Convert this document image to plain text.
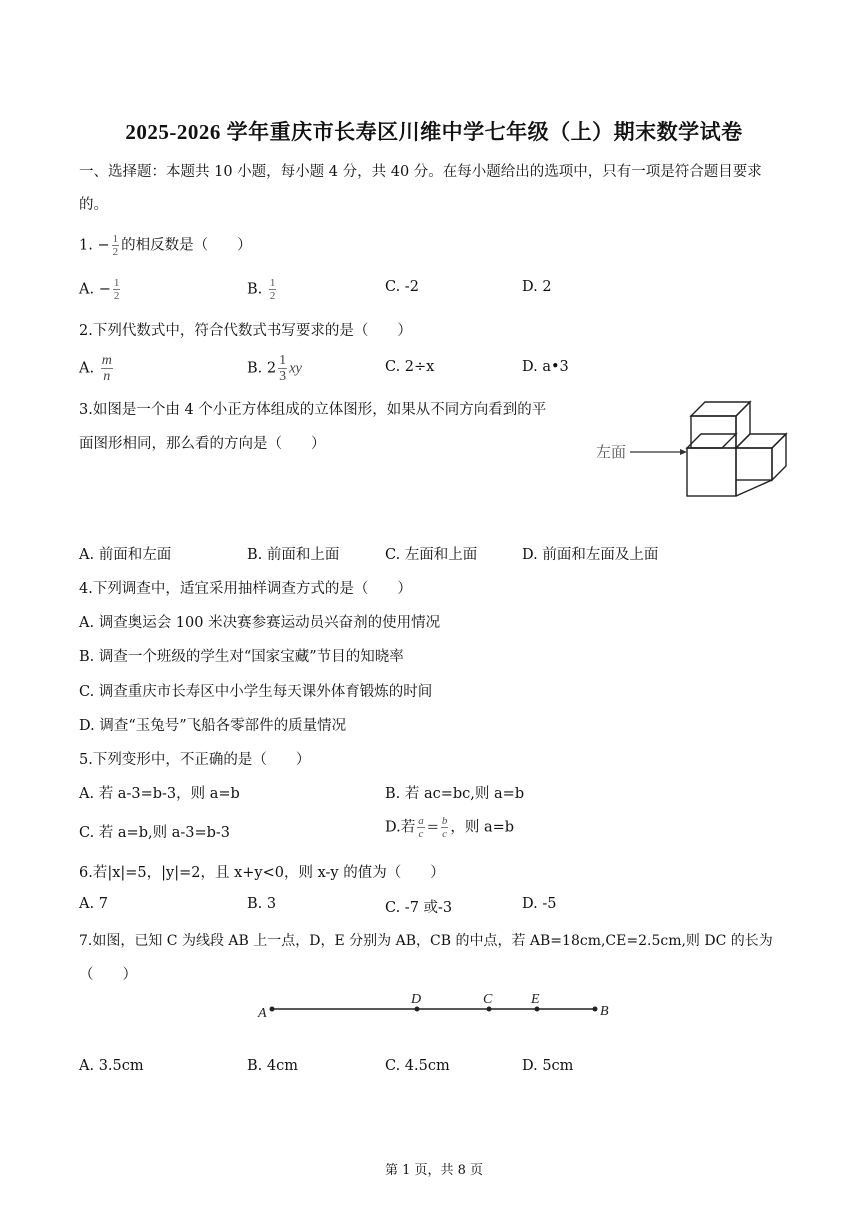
2025-2026 学年重庆市长寿区川维中学七年级（上）期末数学试卷
一、选择题：本题共 10 小题，每小题 4 分，共 40 分。在每小题给出的选项中，只有一项是符合题目要求
的。
1. − $\frac{1}{2}$ 的相反数是（　　）
A. − $\frac{1}{2}$	B. $\frac{1}{2}$	C. -2	D. 2
2.下列代数式中，符合代数式书写要求的是（　　）
A. $\frac{m}{n}$	B. $2 \frac{1}{3}$ xy	C. 2÷x	D. a•3
3.如图是一个由 4 个小正方体组成的立体图形，如果从不同方向看到的平
面图形相同，那么看的方向是（　　）	左面
A. 前面和左面	B. 前面和上面	C. 左面和上面	D. 前面和左面及上面
4.下列调查中，适宜采用抽样调查方式的是（　　）
A. 调查奥运会 100 米决赛参赛运动员兴奋剂的使用情况
B. 调查一个班级的学生对“国家宝藏”节目的知晓率
C. 调查重庆市长寿区中小学生每天课外体育锻炼的时间
D. 调查“玉兔号”飞船各零部件的质量情况
5.下列变形中，不正确的是（　　）
A. 若 a-3=b-3，则 a=b	B. 若 ac=bc,则 a=b
C. 若 a=b,则 a-3=b-3	D.若 $\frac{a}{c} = \frac{b}{c}$ ，则 a=b
6.若|x|=5，|y|=2，且 x+y<0，则 x-y 的值为（　　）
A. 7	B. 3	C. -7 或-3	D. -5
7.如图，已知 C 为线段 AB 上一点，D，E 分别为 AB，CB 的中点，若 AB=18cm,CE=2.5cm,则 DC 的长为
（　　）
A
D	C	E
B
A. 3.5cm	B. 4cm	C. 4.5cm	D. 5cm
第 1 页，共 8 页
